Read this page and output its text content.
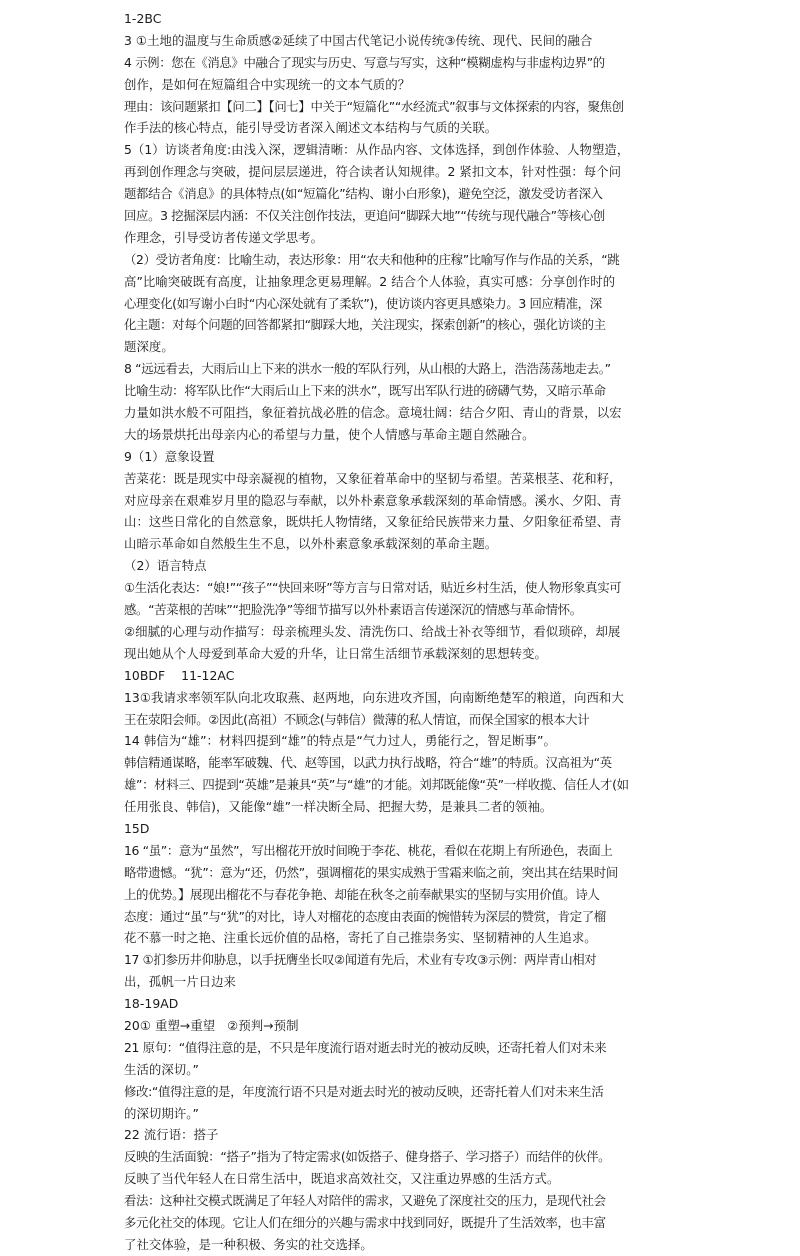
1-2BC
3 ①土地的温度与生命质感②延续了中国古代笔记小说传统③传统、现代、民间的融合
4 示例：您在《消息》中融合了现实与历史、写意与写实，这种“模糊虚构与非虚构边界”的
创作，是如何在短篇组合中实现统一的文本气质的？
理由：该问题紧扣【问二】【问七】中关于“短篇化”“水经流式”叙事与文体探索的内容，聚焦创
作手法的核心特点，能引导受访者深入阐述文本结构与气质的关联。
5（1）访谈者角度:由浅入深，逻辑清晰：从作品内容、文体选择，到创作体验、人物塑造，
再到创作理念与突破，提问层层递进，符合读者认知规律。2 紧扣文本，针对性强：每个问
题都结合《消息》的具体特点(如“短篇化”结构、谢小白形象)，避免空泛，激发受访者深入
回应。3 挖掘深层内涵：不仅关注创作技法，更追问“脚踩大地”“传统与现代融合”等核心创
作理念，引导受访者传递文学思考。
（2）受访者角度：比喻生动，表达形象：用“农夫和他种的庄稼”比喻写作与作品的关系，“跳
高”比喻突破既有高度，让抽象理念更易理解。2 结合个人体验，真实可感：分享创作时的
心理变化(如写谢小白时“内心深处就有了柔软”)，使访谈内容更具感染力。3 回应精准，深
化主题：对每个问题的回答都紧扣“脚踩大地，关注现实，探索创新”的核心，强化访谈的主
题深度。
8 “远远看去，大雨后山上下来的洪水一般的军队行列，从山根的大路上，浩浩荡荡地走去。”
比喻生动：将军队比作“大雨后山上下来的洪水”，既写出军队行进的磅礴气势，又暗示革命
力量如洪水般不可阻挡，象征着抗战必胜的信念。意境壮阔：结合夕阳、青山的背景，以宏
大的场景烘托出母亲内心的希望与力量，使个人情感与革命主题自然融合。
9（1）意象设置
苦菜花：既是现实中母亲凝视的植物，又象征着革命中的坚韧与希望。苦菜根茎、花和籽，
对应母亲在艰难岁月里的隐忍与奉献，以外朴素意象承载深刻的革命情感。溪水、夕阳、青
山：这些日常化的自然意象，既烘托人物情绪，又象征给民族带来力量、夕阳象征希望、青
山暗示革命如自然般生生不息，以外朴素意象承载深刻的革命主题。
（2）语言特点
①生活化表达：“娘!”“孩子”“快回来呀”等方言与日常对话，贴近乡村生活，使人物形象真实可
感。“苦菜根的苦味”“把脸洗净”等细节描写以外朴素语言传递深沉的情感与革命情怀。
②细腻的心理与动作描写：母亲梳理头发、清洗伤口、给战士补衣等细节，看似琐碎，却展
现出她从个人母爱到革命大爱的升华，让日常生活细节承载深刻的思想转变。
10BDF    11-12AC
13①我请求率领军队向北攻取燕、赵两地，向东进攻齐国，向南断绝楚军的粮道，向西和大
王在荥阳会师。②因此(高祖）不顾念(与韩信）微薄的私人情谊，而保全国家的根本大计
14 韩信为“雄”：材料四提到“雄”的特点是“气力过人，勇能行之，智足断事”。
韩信精通谋略，能率军破魏、代、赵等国，以武力执行战略，符合“雄”的特质。汉高祖为“英
雄”：材料三、四提到“英雄”是兼具“英”与“雄”的才能。刘邦既能像“英”一样收揽、信任人才(如
任用张良、韩信)，又能像“雄”一样决断全局、把握大势，是兼具二者的领袖。
15D
16 “虽”：意为“虽然”，写出榴花开放时间晚于李花、桃花，看似在花期上有所逊色，表面上
略带遗憾。“犹”：意为“还，仍然”，强调榴花的果实成熟于雪霜来临之前，突出其在结果时间
上的优势。】展现出榴花不与春花争艳、却能在秋冬之前奉献果实的坚韧与实用价值。诗人
态度：通过“虽”与“犹”的对比，诗人对榴花的态度由表面的惋惜转为深层的赞赏，肯定了榴
花不慕一时之艳、注重长远价值的品格，寄托了自己推崇务实、坚韧精神的人生追求。
17 ①扪参历井仰胁息，以手抚膺坐长叹②闻道有先后，术业有专攻③示例：两岸青山相对
出，孤帆一片日边来
18-19AD
20① 重塑→重望   ②预判→预制
21 原句：“值得注意的是，不只是年度流行语对逝去时光的被动反映，还寄托着人们对未来
生活的深切。”
修改:“值得注意的是，年度流行语不只是对逝去时光的被动反映，还寄托着人们对未来生活
的深切期许。”
22 流行语：搭子
反映的生活面貌：“搭子”指为了特定需求(如饭搭子、健身搭子、学习搭子）而结伴的伙伴。
反映了当代年轻人在日常生活中，既追求高效社交，又注重边界感的生活方式。
看法：这种社交模式既满足了年轻人对陪伴的需求，又避免了深度社交的压力，是现代社会
多元化社交的体现。它让人们在细分的兴趣与需求中找到同好，既提升了生活效率，也丰富
了社交体验，是一种积极、务实的社交选择。
